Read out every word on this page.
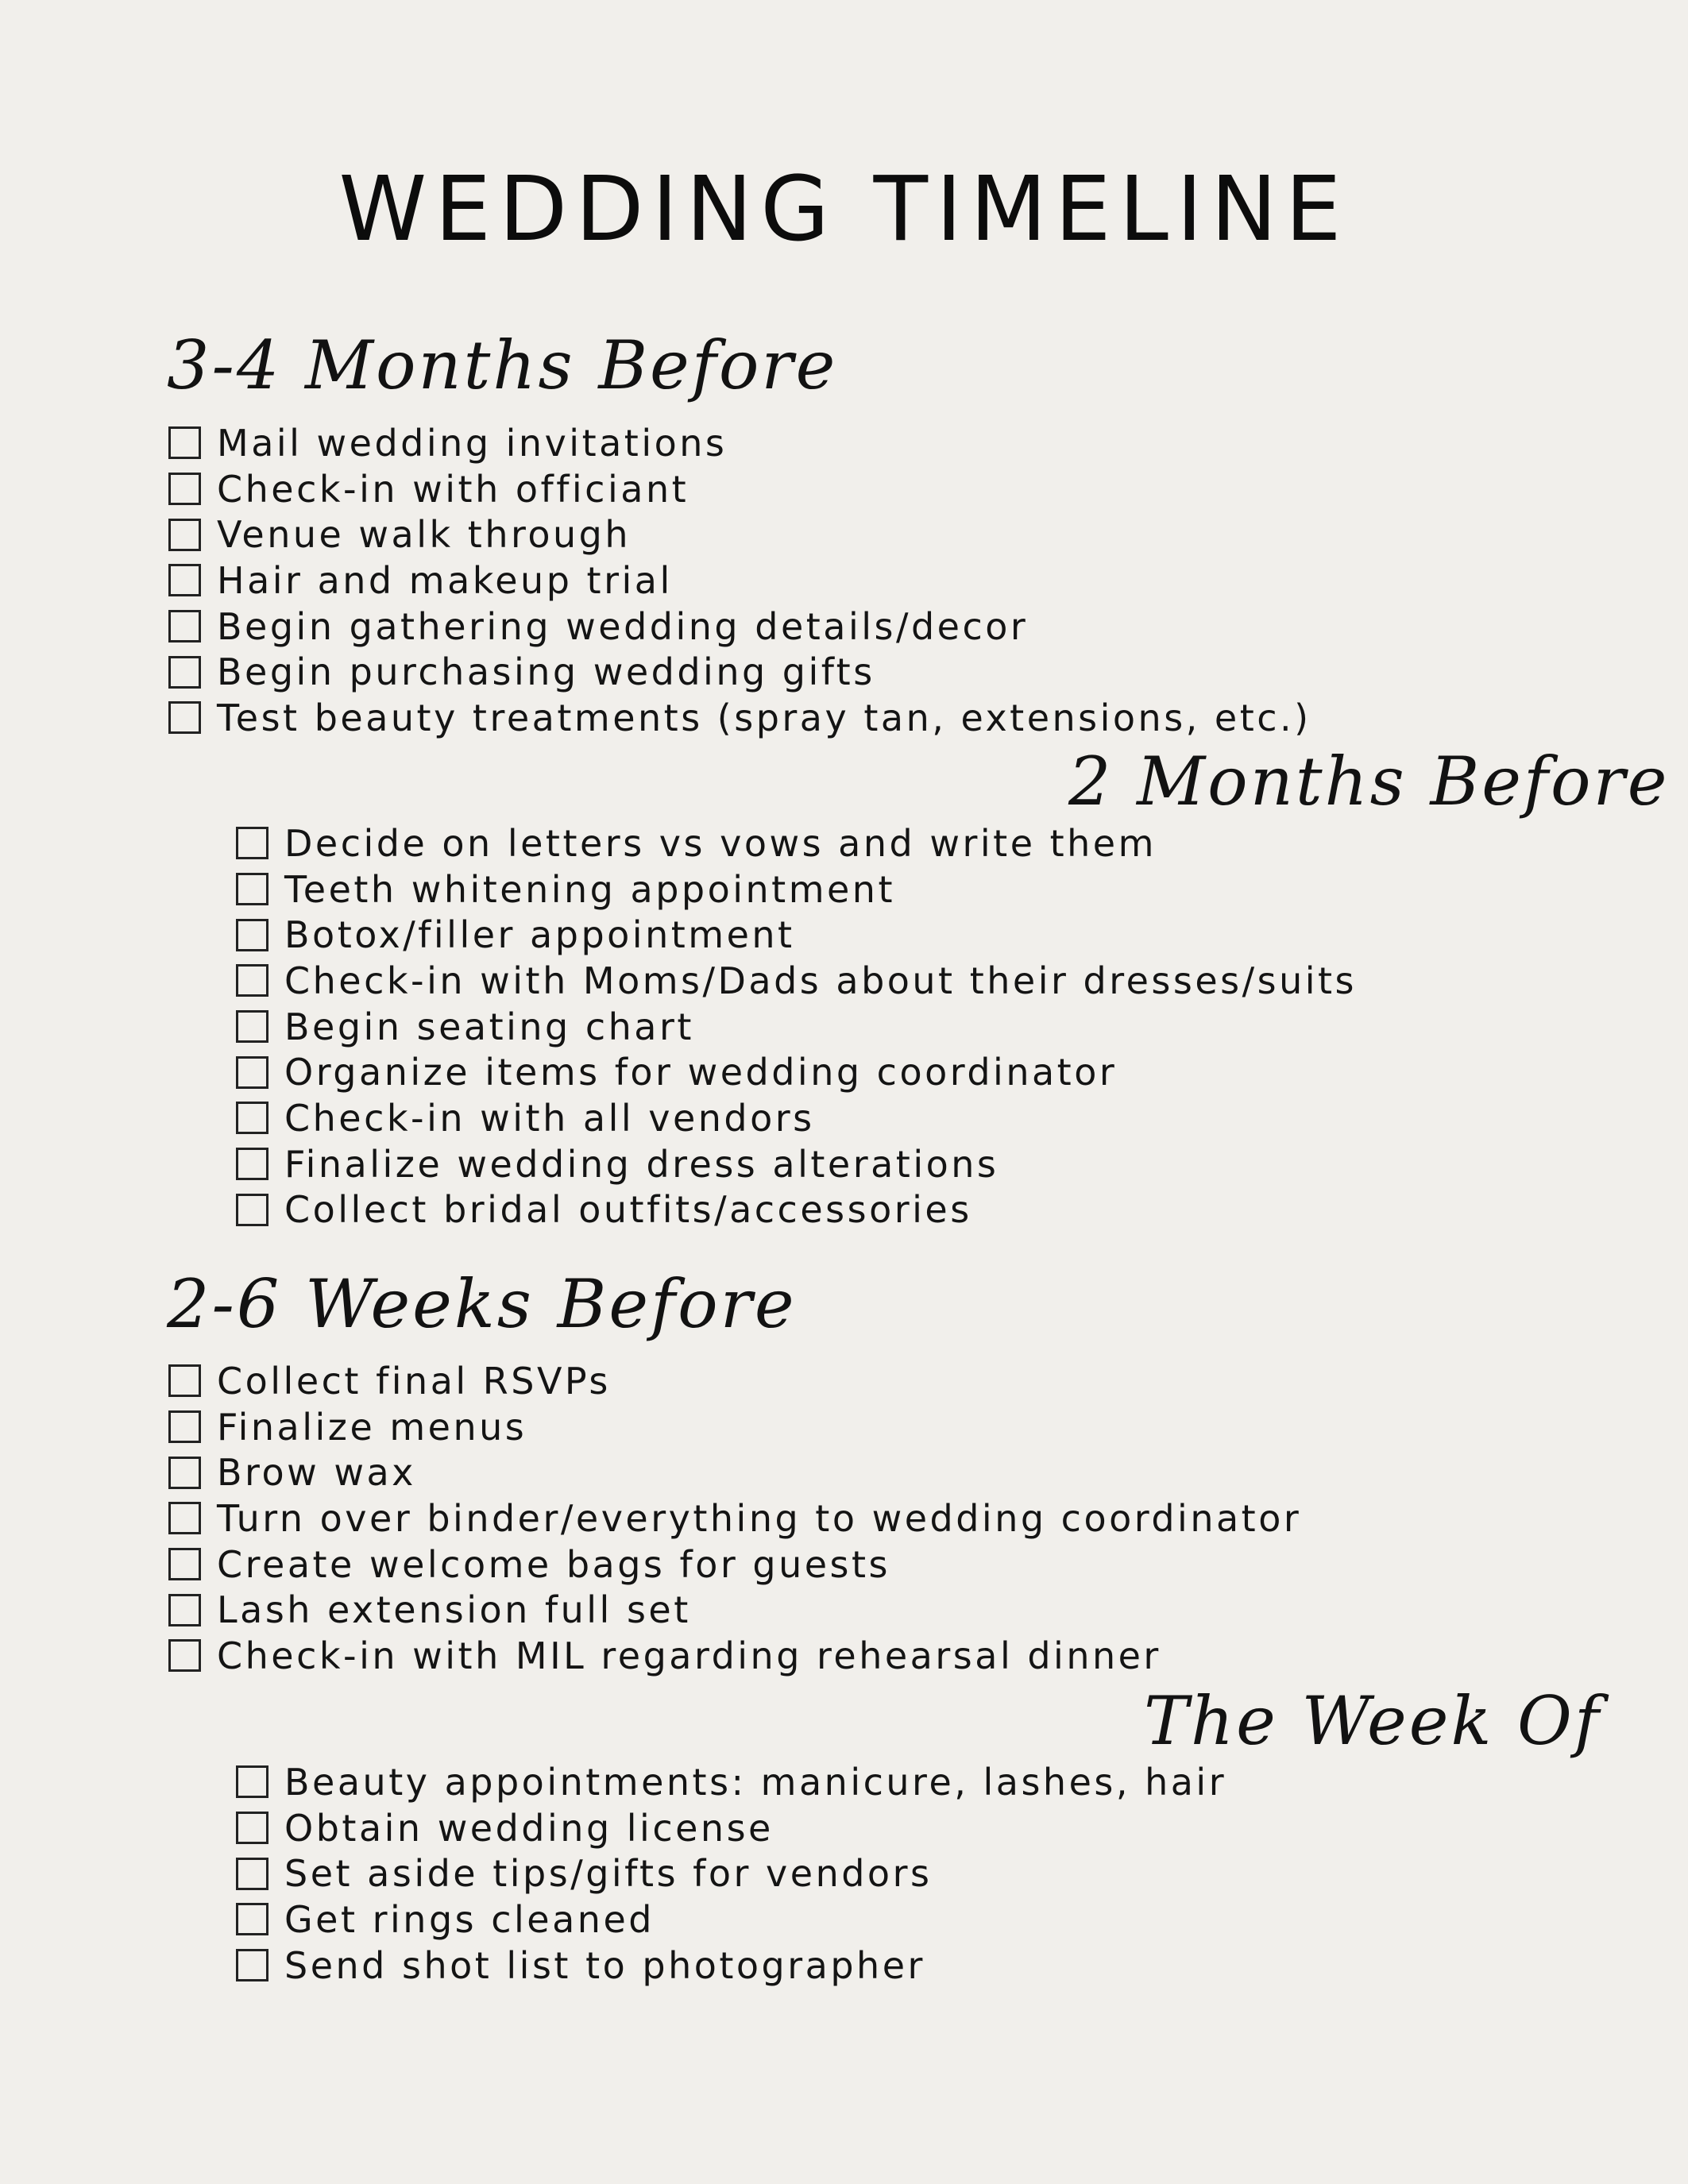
WEDDING TIMELINE
3-4 Months Before
Mail wedding invitations
Check-in with officiant
Venue walk through
Hair and makeup trial
Begin gathering wedding details/decor
Begin purchasing wedding gifts
Test beauty treatments (spray tan, extensions, etc.)
2 Months Before
Decide on letters vs vows and write them
Teeth whitening appointment
Botox/filler appointment
Check-in with Moms/Dads about their dresses/suits
Begin seating chart
Organize items for wedding coordinator
Check-in with all vendors
Finalize wedding dress alterations
Collect bridal outfits/accessories
2-6 Weeks Before
Collect final RSVPs
Finalize menus
Brow wax
Turn over binder/everything to wedding coordinator
Create welcome bags for guests
Lash extension full set
Check-in with MIL regarding rehearsal dinner
The Week Of
Beauty appointments: manicure, lashes, hair
Obtain wedding license
Set aside tips/gifts for vendors
Get rings cleaned
Send shot list to photographer
